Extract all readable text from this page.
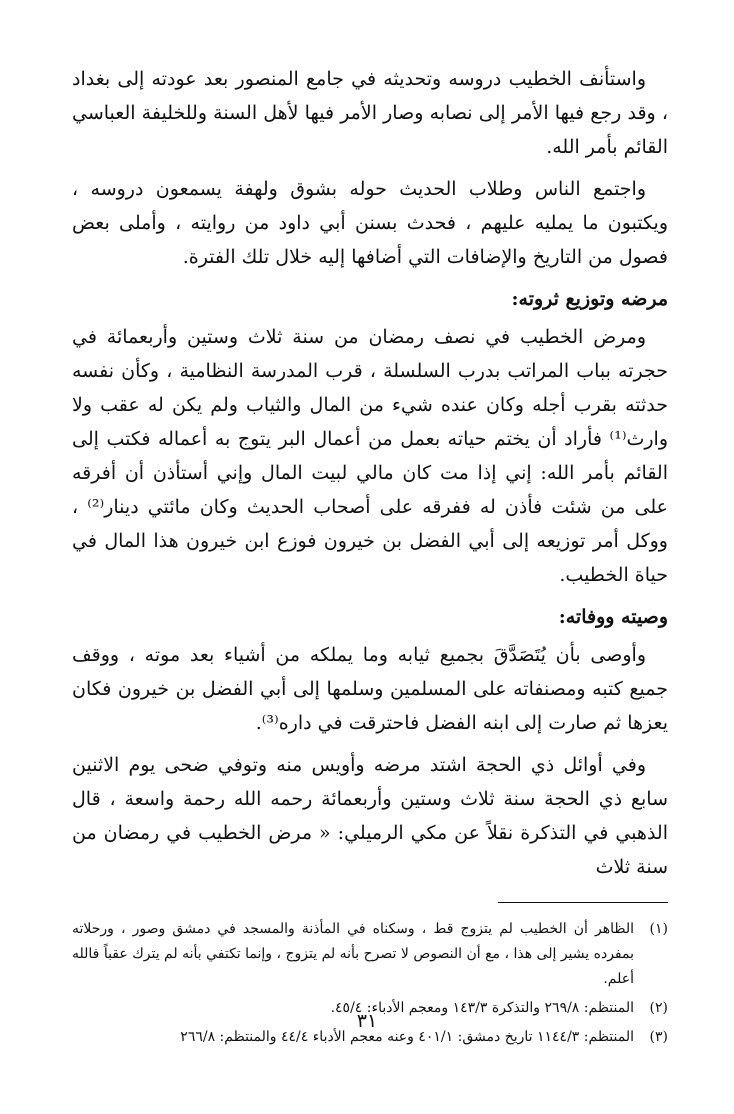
واستأنف الخطيب دروسه وتحديثه في جامع المنصور بعد عودته إلى بغداد ، وقد رجع فيها الأمر إلى نصابه وصار الأمر فيها لأهل السنة وللخليفة العباسي القائم بأمر الله.

واجتمع الناس وطلاب الحديث حوله بشوق ولهفة يسمعون دروسه ، ويكتبون ما يمليه عليهم ، فحدث بسنن أبي داود من روايته ، وأملى بعض فصول من التاريخ والإضافات التي أضافها إليه خلال تلك الفترة.

مرضه وتوزيع ثروته:

ومرض الخطيب في نصف رمضان من سنة ثلاث وستين وأربعمائة في حجرته بباب المراتب بدرب السلسلة ، قرب المدرسة النظامية ، وكأن نفسه حدثته بقرب أجله وكان عنده شيء من المال والثياب ولم يكن له عقب ولا وارث⁽¹⁾ فأراد أن يختم حياته بعمل من أعمال البر يتوج به أعماله فكتب إلى القائم بأمر الله: إني إذا مت كان مالي لبيت المال وإني أستأذن أن أفرقه على من شئت فأذن له ففرقه على أصحاب الحديث وكان مائتي دينار⁽²⁾ ، ووكل أمر توزيعه إلى أبي الفضل بن خيرون فوزع ابن خيرون هذا المال في حياة الخطيب.

وصيته ووفاته:

وأوصى بأن يُتَصَدَّقَ بجميع ثيابه وما يملكه من أشياء بعد موته ، ووقف جميع كتبه ومصنفاته على المسلمين وسلمها إلى أبي الفضل بن خيرون فكان يعزها ثم صارت إلى ابنه الفضل فاحترقت في داره⁽³⁾.

وفي أوائل ذي الحجة اشتد مرضه وأويس منه وتوفي ضحى يوم الاثنين سابع ذي الحجة سنة ثلاث وستين وأربعمائة رحمه الله رحمة واسعة ، قال الذهبي في التذكرة نقلاً عن مكي الرميلي: « مرض الخطيب في رمضان من سنة ثلاث

(١)
الظاهر أن الخطيب لم يتزوج قط ، وسكناه في المأذنة والمسجد في دمشق وصور ، ورحلاته بمفرده يشير إلى هذا ، مع أن النصوص لا تصرح بأنه لم يتزوج ، وإنما تكتفي بأنه لم يترك عقباً فالله أعلم.
(٢)
المنتظم: ٢٦٩/٨ والتذكرة ١٤٣/٣ ومعجم الأدباء: ٤٥/٤.
(٣)
المنتظم: ١١٤٤/٣ تاريخ دمشق: ٤٠١/١ وعنه معجم الأدباء ٤٤/٤ والمنتظم: ٢٦٦/٨
٣١
